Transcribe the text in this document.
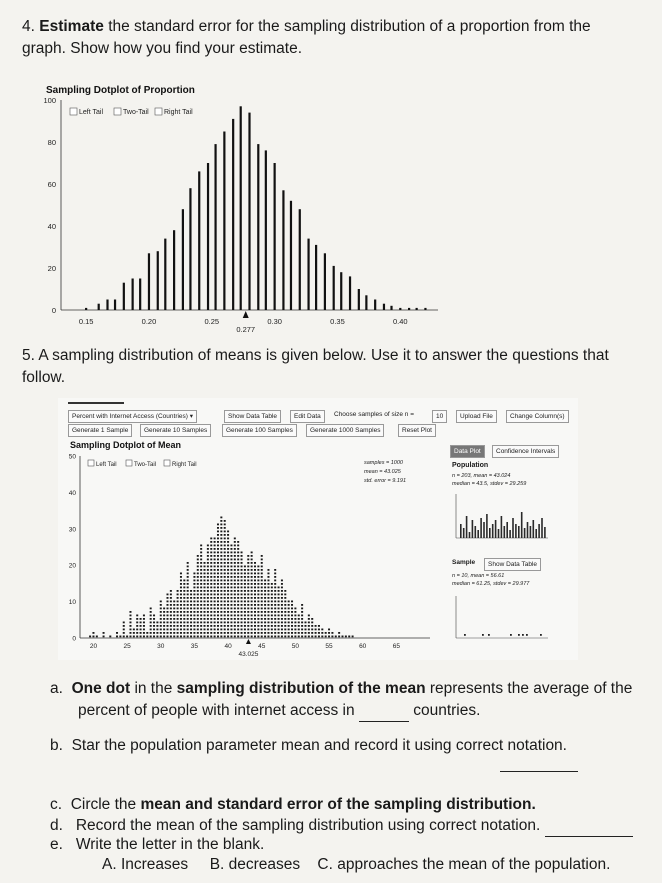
4. Estimate the standard error for the sampling distribution of a proportion from the
graph. Show how you find your estimate.
Sampling Dotplot of Proportion
0
20
40
60
80
100
0.15	0.20	0.25	0.30	0.35	0.40
0.277
Left Tail	Two-Tail Right Tail
5. A sampling distribution of means is given below. Use it to answer the questions that
follow.
Percent with Internet Access (Countries) ▾	Show Data Table	Edit Data	Choose samples of size n =	10	Upload File	Change Column(s)
Generate 1 Sample	Generate 10 Samples	Generate 100 Samples	Generate 1000 Samples	Reset Plot
Sampling Dotplot of Mean
0
10
20
30
40
50
20	25	30	35	40	45	50	55	60	65
43.025
Left Tail	Two-Tail	Right Tail	samples = 1000
mean = 43.025
std. error = 9.191
Data Plot	Confidence Intervals
Population
n = 203, mean = 43.024
median = 43.5, stdev = 29.259
Sample	Show Data Table
n = 10, mean = 56.61
median = 61.25, stdev = 29.977
a. One dot in the sampling distribution of the mean represents the average of the
percent of people with internet access in	countries.
b. Star the population parameter mean and record it using correct notation.
c. Circle the mean and standard error of the sampling distribution.
d. Record the mean of the sampling distribution using correct notation.
e. Write the letter in the blank.
A. Increases B. decreases C. approaches the mean of the population.
